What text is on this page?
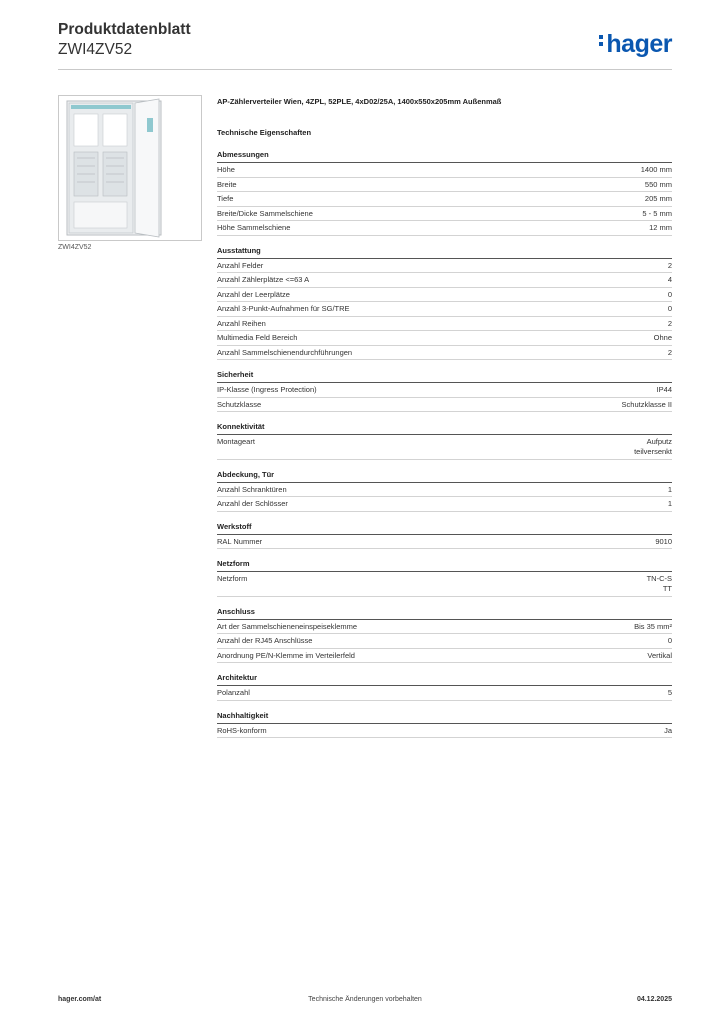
Produktdatenblatt
ZWI4ZV52	hager
ZWI4ZV52
AP-Zählerverteiler Wien, 4ZPL, 52PLE, 4xD02/25A, 1400x550x205mm Außenmaß
Technische Eigenschaften
Abmessungen
Höhe	1400 mm
Breite	550 mm
Tiefe	205 mm
Breite/Dicke Sammelschiene	5 - 5 mm
Höhe Sammelschiene	12 mm
Ausstattung
Anzahl Felder	2
Anzahl Zählerplätze <=63 A	4
Anzahl der Leerplätze	0
Anzahl 3-Punkt-Aufnahmen für SG/TRE	0
Anzahl Reihen	2
Multimedia Feld Bereich	Ohne
Anzahl Sammelschienendurchführungen	2
Sicherheit
IP-Klasse (Ingress Protection)	IP44
Schutzklasse	Schutzklasse II
Konnektivität
Montageart	Aufputz
teilversenkt
Abdeckung, Tür
Anzahl Schranktüren	1
Anzahl der Schlösser	1
Werkstoff
RAL Nummer	9010
Netzform
Netzform	TN-C-S
TT
Anschluss
Art der Sammelschieneneinspeiseklemme	Bis 35 mm²
Anzahl der RJ45 Anschlüsse	0
Anordnung PE/N-Klemme im Verteilerfeld	Vertikal
Architektur
Polanzahl	5
Nachhaltigkeit
RoHS-konform	Ja
hager.com/at	Technische Änderungen vorbehalten	04.12.2025
